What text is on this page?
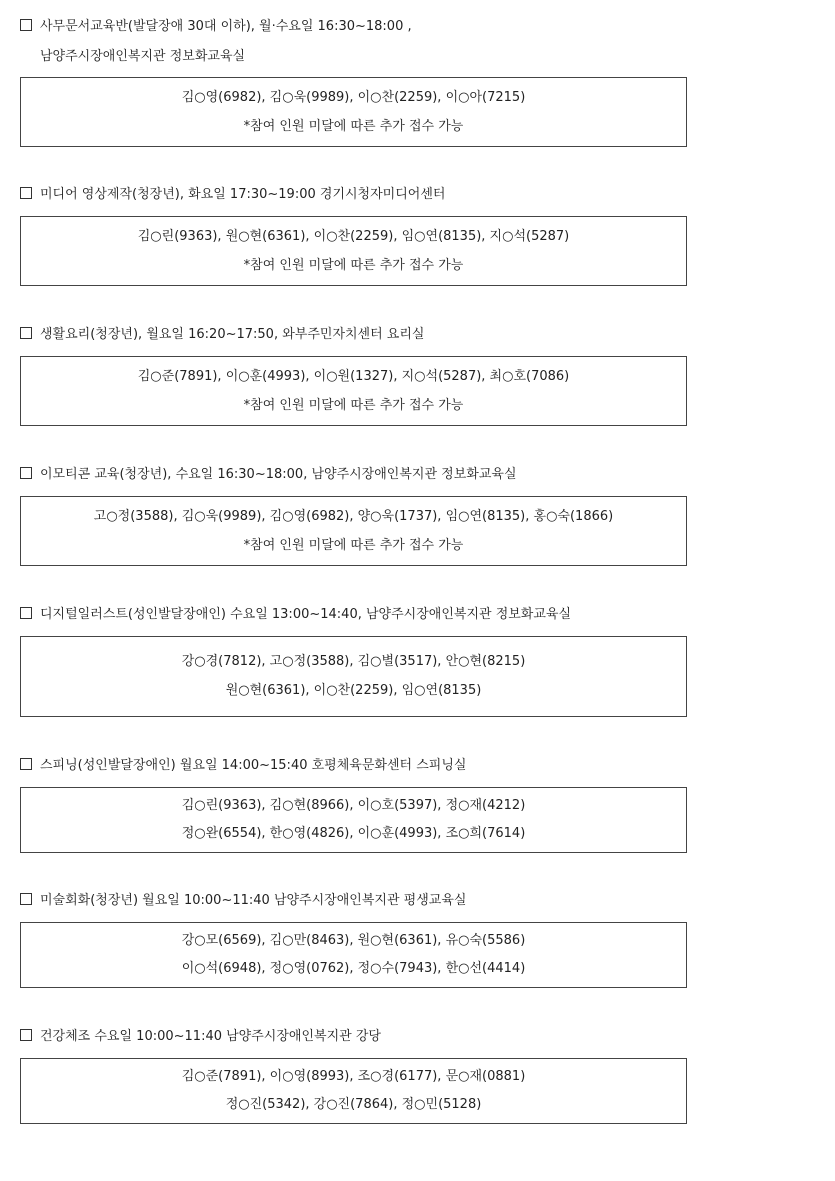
사무문서교육반(발달장애 30대 이하), 월·수요일 16:30~18:00 ,
남양주시장애인복지관 정보화교육실
김○영(6982), 김○욱(9989), 이○찬(2259), 이○아(7215)
*참여 인원 미달에 따른 추가 접수 가능
미디어 영상제작(청장년), 화요일 17:30~19:00 경기시청자미디어센터
김○린(9363), 원○현(6361), 이○찬(2259), 임○연(8135), 지○석(5287)
*참여 인원 미달에 따른 추가 접수 가능
생활요리(청장년), 월요일 16:20~17:50, 와부주민자치센터 요리실
김○준(7891), 이○훈(4993), 이○원(1327), 지○석(5287), 최○호(7086)
*참여 인원 미달에 따른 추가 접수 가능
이모티콘 교육(청장년), 수요일 16:30~18:00, 남양주시장애인복지관 정보화교육실
고○정(3588), 김○욱(9989), 김○영(6982), 양○욱(1737), 임○연(8135), 홍○숙(1866)
*참여 인원 미달에 따른 추가 접수 가능
디지털일러스트(성인발달장애인) 수요일 13:00~14:40, 남양주시장애인복지관 정보화교육실
강○경(7812), 고○정(3588), 김○별(3517), 안○현(8215)
원○현(6361), 이○찬(2259), 임○연(8135)
스피닝(성인발달장애인) 월요일 14:00~15:40 호평체육문화센터 스피닝실
김○린(9363), 김○현(8966), 이○호(5397), 정○재(4212)
정○완(6554), 한○영(4826), 이○훈(4993), 조○희(7614)
미술회화(청장년) 월요일 10:00~11:40 남양주시장애인복지관 평생교육실
강○모(6569), 김○만(8463), 원○현(6361), 유○숙(5586)
이○석(6948), 정○영(0762), 정○수(7943), 한○선(4414)
건강체조 수요일 10:00~11:40 남양주시장애인복지관 강당
김○준(7891), 이○영(8993), 조○경(6177), 문○재(0881)
정○진(5342), 강○진(7864), 정○민(5128)
